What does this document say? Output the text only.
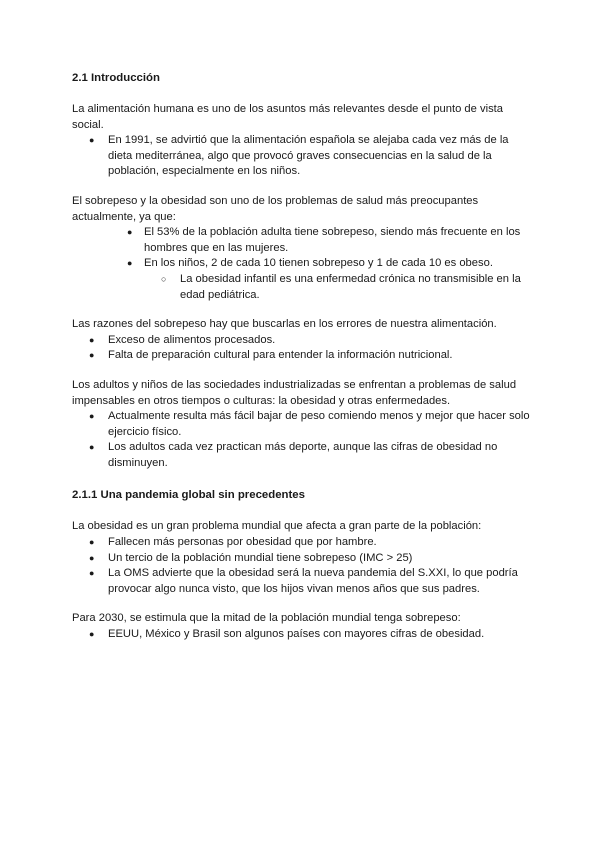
2.1 Introducción

La alimentación humana es uno de los asuntos más relevantes desde el punto de vista social.

● En 1991, se advirtió que la alimentación española se alejaba cada vez más de la dieta mediterránea, algo que provocó graves consecuencias en la salud de la población, especialmente en los niños.

El sobrepeso y la obesidad son uno de los problemas de salud más preocupantes actualmente, ya que:

● El 53% de la población adulta tiene sobrepeso, siendo más frecuente en los hombres que en las mujeres.
● En los niños, 2 de cada 10 tienen sobrepeso y 1 de cada 10 es obeso.
○ La obesidad infantil es una enfermedad crónica no transmisible en la edad pediátrica.

Las razones del sobrepeso hay que buscarlas en los errores de nuestra alimentación.

● Exceso de alimentos procesados.
● Falta de preparación cultural para entender la información nutricional.

Los adultos y niños de las sociedades industrializadas se enfrentan a problemas de salud impensables en otros tiempos o culturas: la obesidad y otras enfermedades.

● Actualmente resulta más fácil bajar de peso comiendo menos y mejor que hacer solo ejercicio físico.
● Los adultos cada vez practican más deporte, aunque las cifras de obesidad no disminuyen.
2.1.1 Una pandemia global sin precedentes

La obesidad es un gran problema mundial que afecta a gran parte de la población:

● Fallecen más personas por obesidad que por hambre.
● Un tercio de la población mundial tiene sobrepeso (IMC > 25)
● La OMS advierte que la obesidad será la nueva pandemia del S.XXI, lo que podría provocar algo nunca visto, que los hijos vivan menos años que sus padres.

Para 2030, se estimula que la mitad de la población mundial tenga sobrepeso:

● EEUU, México y Brasil son algunos países con mayores cifras de obesidad.
